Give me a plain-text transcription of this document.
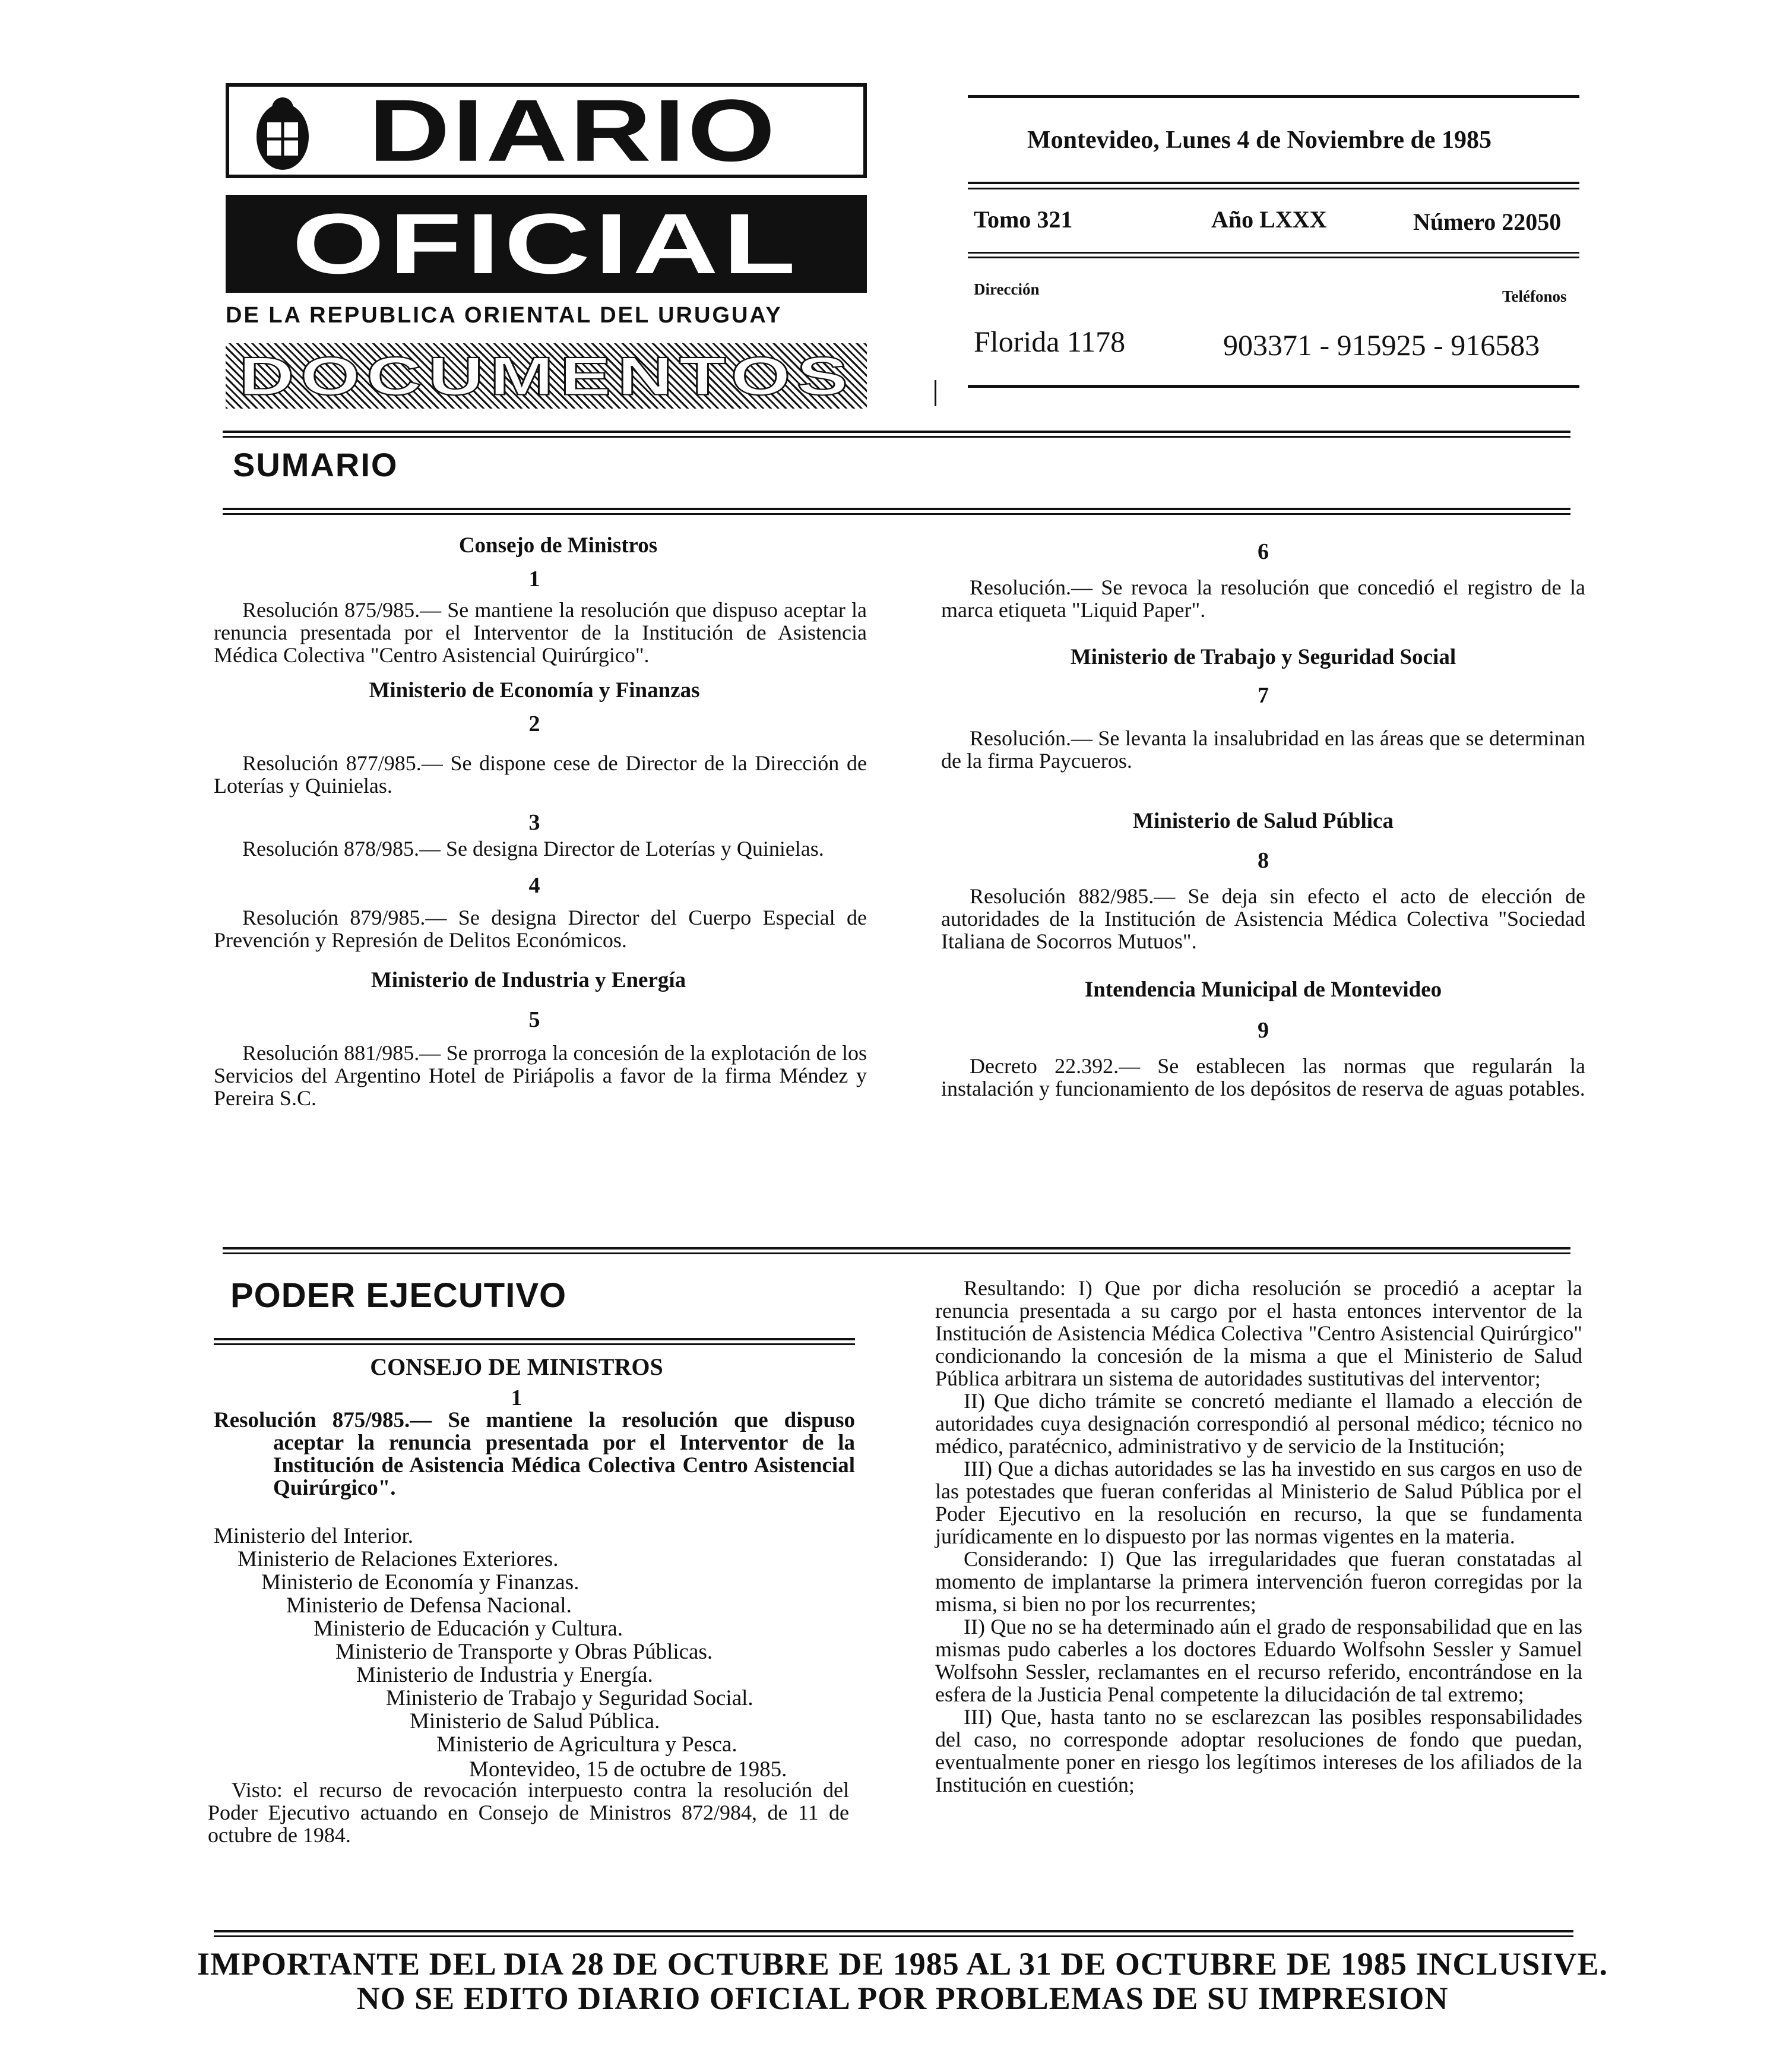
DIARIO
OFICIAL
DE LA REPUBLICA ORIENTAL DEL URUGUAY
DOCUMENTOS
Montevideo, Lunes 4 de Noviembre de 1985
Tomo 321	Año LXXX	Número 22050
Dirección	Teléfonos
Florida 1178	903371 - 915925 - 916583
SUMARIO
Consejo de Ministros
1
Resolución 875/985.— Se mantiene la resolución que dispuso aceptar la renuncia presentada por el Interventor de la Institución de Asistencia Médica Colectiva "Centro Asistencial Quirúrgico".
Ministerio de Economía y Finanzas
2
Resolución 877/985.— Se dispone cese de Director de la Dirección de Loterías y Quinielas.
3
Resolución 878/985.— Se designa Director de Loterías y Quinielas.
4
Resolución 879/985.— Se designa Director del Cuerpo Especial de Prevención y Represión de Delitos Económicos.
Ministerio de Industria y Energía
5
Resolución 881/985.— Se prorroga la concesión de la explotación de los Servicios del Argentino Hotel de Piriápolis a favor de la firma Méndez y Pereira S.C.
6
Resolución.— Se revoca la resolución que concedió el registro de la marca etiqueta "Liquid Paper".
Ministerio de Trabajo y Seguridad Social
7
Resolución.— Se levanta la insalubridad en las áreas que se determinan de la firma Paycueros.
Ministerio de Salud Pública
8
Resolución 882/985.— Se deja sin efecto el acto de elección de autoridades de la Institución de Asistencia Médica Colectiva "Sociedad Italiana de Socorros Mutuos".
Intendencia Municipal de Montevideo
9
Decreto 22.392.— Se establecen las normas que regularán la instalación y funcionamiento de los depósitos de reserva de aguas potables.
PODER EJECUTIVO
CONSEJO DE MINISTROS
1
Resolución 875/985.— Se mantiene la resolución que dispuso aceptar la renuncia presentada por el Interventor de la Institución de Asistencia Médica Colectiva Centro Asistencial Quirúrgico".
Ministerio del Interior.
Ministerio de Relaciones Exteriores.
Ministerio de Economía y Finanzas.
Ministerio de Defensa Nacional.
Ministerio de Educación y Cultura.
Ministerio de Transporte y Obras Públicas.
Ministerio de Industria y Energía.
Ministerio de Trabajo y Seguridad Social.
Ministerio de Salud Pública.
Ministerio de Agricultura y Pesca.
Montevideo, 15 de octubre de 1985.
Visto: el recurso de revocación interpuesto contra la resolución del Poder Ejecutivo actuando en Consejo de Ministros 872/984, de 11 de octubre de 1984.
Resultando: I) Que por dicha resolución se procedió a aceptar la renuncia presentada a su cargo por el hasta entonces interventor de la Institución de Asistencia Médica Colectiva "Centro Asistencial Quirúrgico" condicionando la concesión de la misma a que el Ministerio de Salud Pública arbitrara un sistema de autoridades sustitutivas del interventor;
II) Que dicho trámite se concretó mediante el llamado a elección de autoridades cuya designación correspondió al personal médico; técnico no médico, paratécnico, administrativo y de servicio de la Institución;
III) Que a dichas autoridades se las ha investido en sus cargos en uso de las potestades que fueran conferidas al Ministerio de Salud Pública por el Poder Ejecutivo en la resolución en recurso, la que se fundamenta jurídicamente en lo dispuesto por las normas vigentes en la materia.
Considerando: I) Que las irregularidades que fueran constatadas al momento de implantarse la primera intervención fueron corregidas por la misma, si bien no por los recurrentes;
II) Que no se ha determinado aún el grado de responsabilidad que en las mismas pudo caberles a los doctores Eduardo Wolfsohn Sessler y Samuel Wolfsohn Sessler, reclamantes en el recurso referido, encontrándose en la esfera de la Justicia Penal competente la dilucidación de tal extremo;
III) Que, hasta tanto no se esclarezcan las posibles responsabilidades del caso, no corresponde adoptar resoluciones de fondo que puedan, eventualmente poner en riesgo los legítimos intereses de los afiliados de la Institución en cuestión;
IMPORTANTE DEL DIA 28 DE OCTUBRE DE 1985 AL 31 DE OCTUBRE DE 1985 INCLUSIVE.
NO SE EDITO DIARIO OFICIAL POR PROBLEMAS DE SU IMPRESION
